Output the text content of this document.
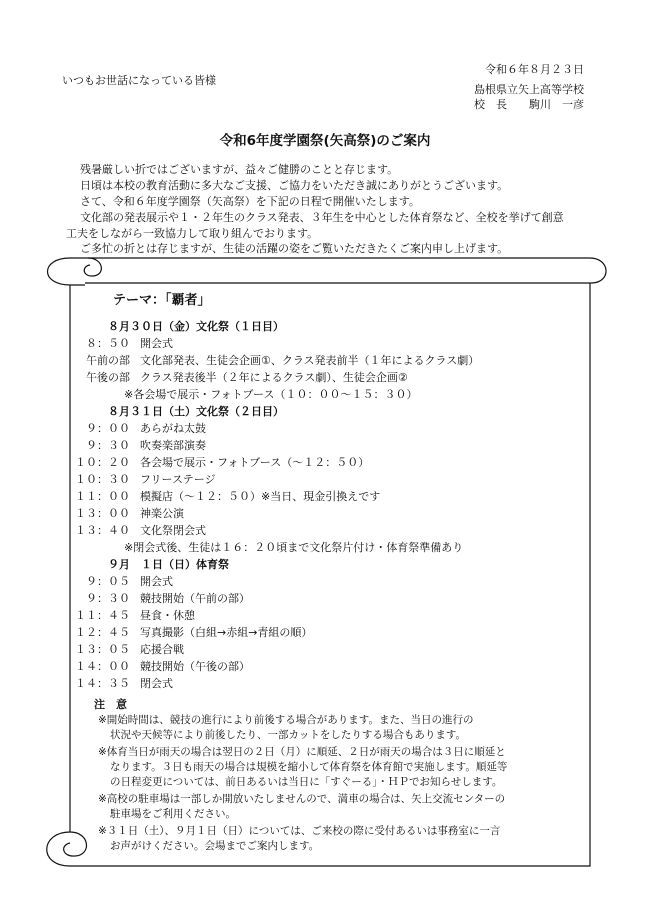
令和６年８月２３日
いつもお世話になっている皆様
島根県立矢上高等学校
校　長　　駒川　一彦
令和6年度学園祭(矢高祭)のご案内
残暑厳しい折ではございますが、益々ご健勝のことと存じます。
日頃は本校の教育活動に多大なご支援、ご協力をいただき誠にありがとうございます。
さて、令和６年度学園祭（矢高祭）を下記の日程で開催いたします。
文化部の発表展示や１・２年生のクラス発表、３年生を中心とした体育祭など、全校を挙げて創意
工夫をしながら一致協力して取り組んでおります。
ご多忙の折とは存じますが、生徒の活躍の姿をご覧いただきたくご案内申し上げます。
テーマ：「覇者」
８月３０日（金）文化祭（１日目）
８：５０ 開会式
午前の部 文化部発表、生徒会企画①、クラス発表前半（１年によるクラス劇）
午後の部 クラス発表後半（２年によるクラス劇）、生徒会企画②
※各会場で展示・フォトブース（１０：００～１５：３０）
８月３１日（土）文化祭（２日目）
９：００ あらがね太鼓
９：３０ 吹奏楽部演奏
１０：２０ 各会場で展示・フォトブース（～１２：５０）
１０：３０ フリーステージ
１１：００ 模擬店（～１２：５０）※当日、現金引換えです
１３：００ 神楽公演
１３：４０ 文化祭閉会式
※閉会式後、生徒は１６：２０頃まで文化祭片付け・体育祭準備あり
９月　１日（日）体育祭
９：０５ 開会式
９：３０ 競技開始（午前の部）
１１：４５ 昼食・休憩
１２：４５ 写真撮影（白組→赤組→青組の順）
１３：０５ 応援合戦
１４：００ 競技開始（午後の部）
１４：３５ 閉会式
注　意
※開始時間は、競技の進行により前後する場合があります。また、当日の進行の
状況や天候等により前後したり、一部カットをしたりする場合もあります。
※体育当日が雨天の場合は翌日の２日（月）に順延、２日が雨天の場合は３日に順延と
なります。３日も雨天の場合は規模を縮小して体育祭を体育館で実施します。順延等
の日程変更については、前日あるいは当日に「すぐーる」・ＨＰでお知らせします。
※高校の駐車場は一部しか開放いたしませんので、満車の場合は、矢上交流センターの
駐車場をご利用ください。
※３１日（土）、９月１日（日）については、ご来校の際に受付あるいは事務室に一言
お声がけください。会場までご案内します。
